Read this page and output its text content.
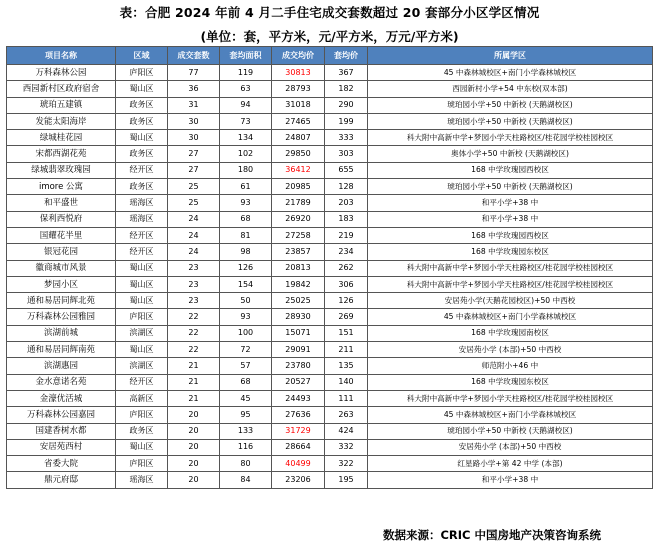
表：合肥 2024 年前 4 月二手住宅成交套数超过 20 套部分小区学区情况
(单位：套，平方米，元/平方米，万元/平方米)
项目名称	区域	成交套数	套均面积	成交均价	套均价	所属学区
万科森林公园	庐阳区	77	119	30813	367	45 中森林城校区+南门小学森林城校区
西园新村区政府宿舍	蜀山区	36	63	28793	182	西园新村小学+54 中东校(双本部)
琥珀五建镇	政务区	31	94	31018	290	琥珀园小学+50 中新校 (天鹅湖校区)
发能太阳海岸	政务区	30	73	27465	199	琥珀园小学+50 中新校 (天鹅湖校区)
绿城桂花园	蜀山区	30	134	24807	333	科大附中高新中学+梦园小学天柱路校区/桂花园学校桂园校区
宋都西湖花苑	政务区	27	102	29850	303	奥体小学+50 中新校 (天鹅湖校区)
绿城翡翠玫瑰园	经开区	27	180	36412	655	168 中学玫瑰园西校区
imore 公寓	政务区	25	61	20985	128	琥珀园小学+50 中新校 (天鹅湖校区)
和平盛世	瑶海区	25	93	21789	203	和平小学+38 中
保利西悦府	瑶海区	24	68	26920	183	和平小学+38 中
国耀花半里	经开区	24	81	27258	219	168 中学玫瑰园西校区
银冠花园	经开区	24	98	23857	234	168 中学玫瑰园东校区
徽商城市风景	蜀山区	23	126	20813	262	科大附中高新中学+梦园小学天柱路校区/桂花园学校桂园校区
梦园小区	蜀山区	23	154	19842	306	科大附中高新中学+梦园小学天柱路校区/桂花园学校桂园校区
通和易居同辉北苑	蜀山区	23	50	25025	126	安居苑小学(天鹅花园校区)+50 中西校
万科森林公园雅园	庐阳区	22	93	28930	269	45 中森林城校区+南门小学森林城校区
滨湖前城	滨湖区	22	100	15071	151	168 中学玫瑰园南校区
通和易居同辉南苑	蜀山区	22	72	29091	211	安居苑小学 (本部)+50 中西校
滨湖惠园	滨湖区	21	57	23780	135	师范附小+46 中
金水意诺名苑	经开区	21	68	20527	140	168 中学玫瑰园东校区
金濠优活城	高新区	21	45	24493	111	科大附中高新中学+梦园小学天柱路校区/桂花园学校桂园校区
万科森林公园嘉园	庐阳区	20	95	27636	263	45 中森林城校区+南门小学森林城校区
国建香树水都	政务区	20	133	31729	424	琥珀园小学+50 中新校 (天鹅湖校区)
安居苑西村	蜀山区	20	116	28664	332	安居苑小学 (本部)+50 中西校
省委大院	庐阳区	20	80	40499	322	红星路小学+第 42 中学 (本部)
鼎元府邸	瑶海区	20	84	23206	195	和平小学+38 中
数据来源：CRIC 中国房地产决策咨询系统
